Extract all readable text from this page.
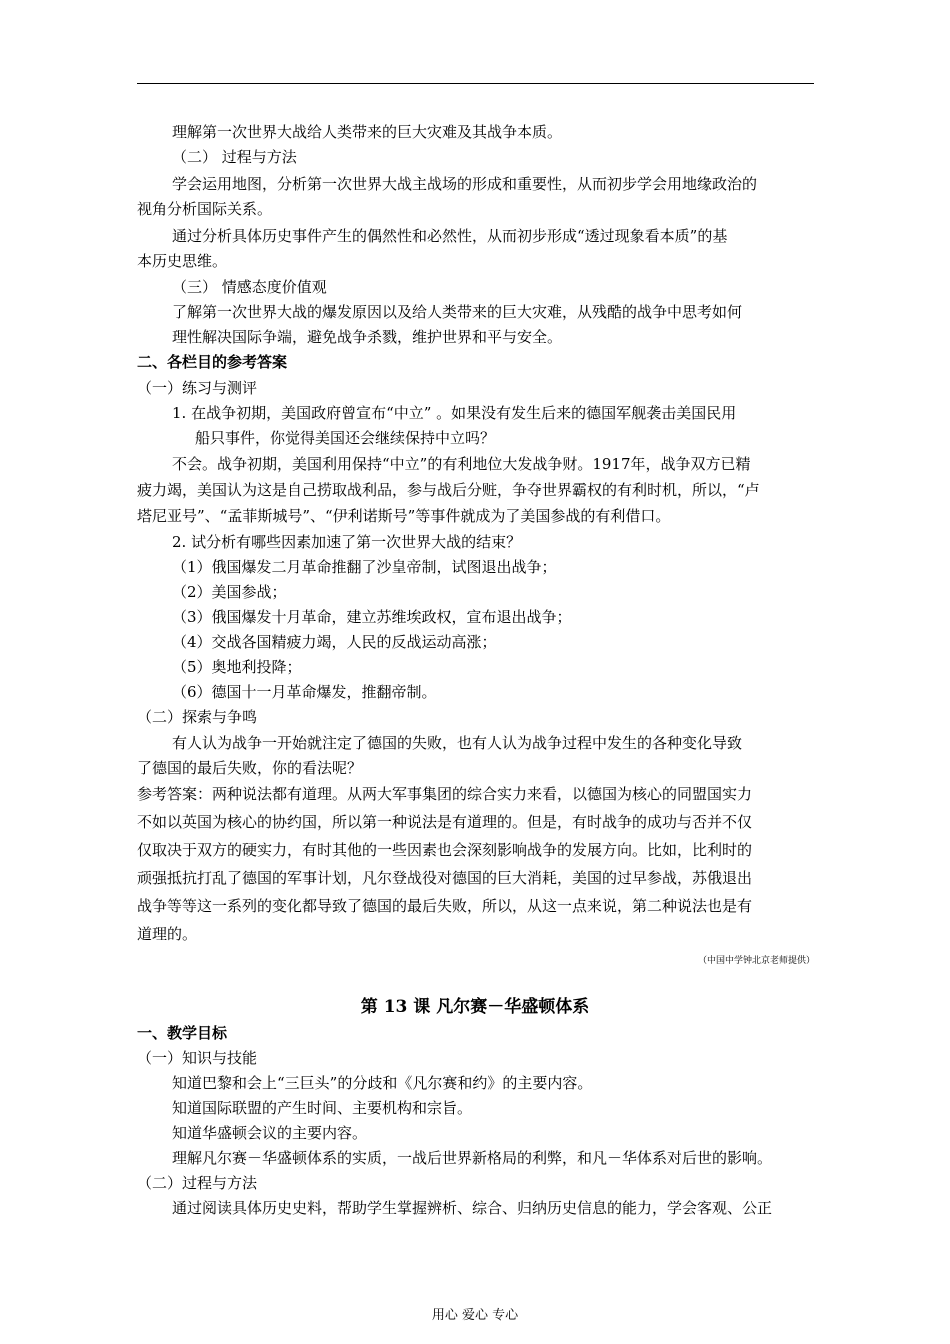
理解第一次世界大战给人类带来的巨大灾难及其战争本质。
（二） 过程与方法
学会运用地图，分析第一次世界大战主战场的形成和重要性，从而初步学会用地缘政治的
视角分析国际关系。
通过分析具体历史事件产生的偶然性和必然性，从而初步形成“透过现象看本质”的基
本历史思维。
（三） 情感态度价值观
了解第一次世界大战的爆发原因以及给人类带来的巨大灾难，从残酷的战争中思考如何
理性解决国际争端，避免战争杀戮，维护世界和平与安全。
二、各栏目的参考答案
（一）练习与测评
1. 在战争初期，美国政府曾宣布“中立” 。如果没有发生后来的德国军舰袭击美国民用
船只事件，你觉得美国还会继续保持中立吗？
不会。战争初期，美国利用保持“中立”的有利地位大发战争财。1917年，战争双方已精
疲力竭，美国认为这是自己捞取战利品，参与战后分赃，争夺世界霸权的有利时机，所以，“卢
塔尼亚号”、“孟菲斯城号”、“伊利诺斯号”等事件就成为了美国参战的有利借口。
2. 试分析有哪些因素加速了第一次世界大战的结束？
（1）俄国爆发二月革命推翻了沙皇帝制，试图退出战争；
（2）美国参战；
（3）俄国爆发十月革命，建立苏维埃政权，宣布退出战争；
（4）交战各国精疲力竭，人民的反战运动高涨；
（5）奥地利投降；
（6）德国十一月革命爆发，推翻帝制。
（二）探索与争鸣
有人认为战争一开始就注定了德国的失败，也有人认为战争过程中发生的各种变化导致
了德国的最后失败，你的看法呢？
参考答案：两种说法都有道理。从两大军事集团的综合实力来看，以德国为核心的同盟国实力
不如以英国为核心的协约国，所以第一种说法是有道理的。但是，有时战争的成功与否并不仅
仅取决于双方的硬实力，有时其他的一些因素也会深刻影响战争的发展方向。比如，比利时的
顽强抵抗打乱了德国的军事计划，凡尔登战役对德国的巨大消耗，美国的过早参战，苏俄退出
战争等等这一系列的变化都导致了德国的最后失败，所以，从这一点来说，第二种说法也是有
道理的。
（中国中学钟北京老师提供）
第 13 课 凡尔赛－华盛顿体系
一、教学目标
（一）知识与技能
知道巴黎和会上“三巨头”的分歧和《凡尔赛和约》的主要内容。
知道国际联盟的产生时间、主要机构和宗旨。
知道华盛顿会议的主要内容。
理解凡尔赛－华盛顿体系的实质，一战后世界新格局的利弊，和凡－华体系对后世的影响。
（二）过程与方法
通过阅读具体历史史料，帮助学生掌握辨析、综合、归纳历史信息的能力，学会客观、公正
用心 爱心 专心
